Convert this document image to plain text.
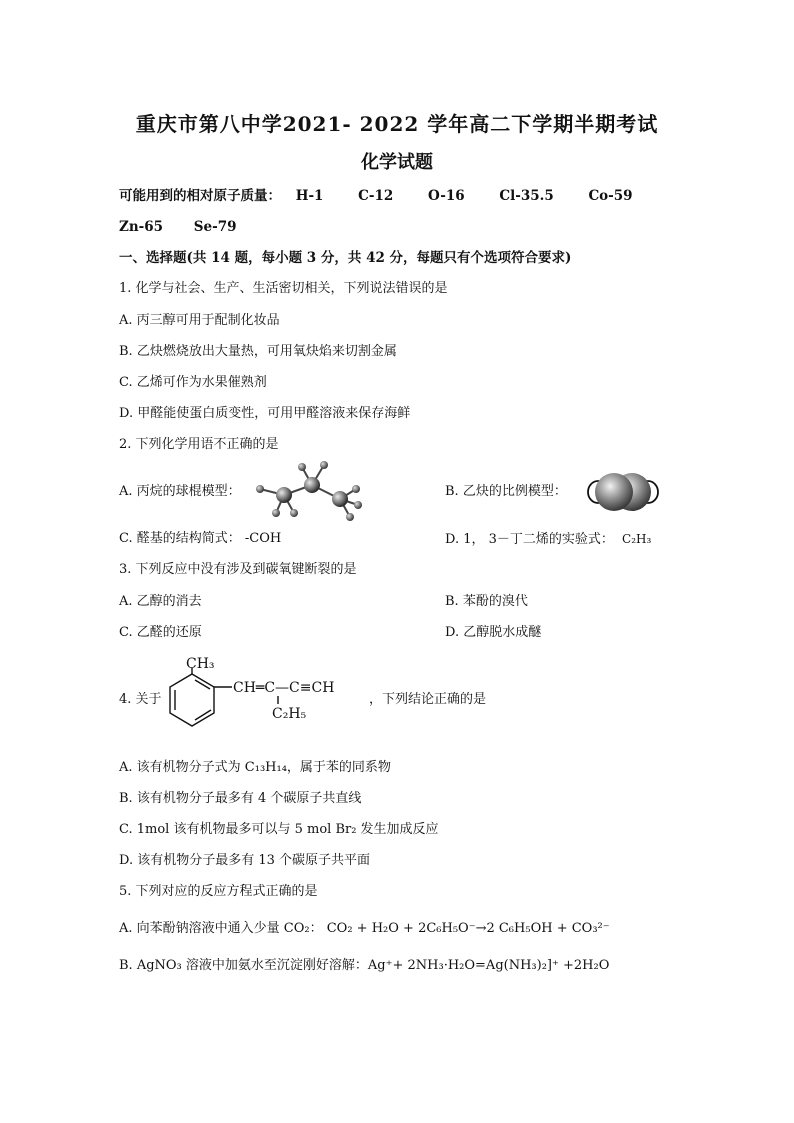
重庆市第八中学2021- 2022 学年高二下学期半期考试
化学试题
可能用到的相对原子质量： H-1	C-12	O-16	Cl-35.5	Co-59
Zn-65 Se-79
一、选择题(共 14 题，每小题 3 分，共 42 分，每题只有个选项符合要求)
1. 化学与社会、生产、生活密切相关，下列说法错误的是
A. 丙三醇可用于配制化妆品
B. 乙炔燃烧放出大量热，可用氧炔焰来切割金属
C. 乙烯可作为水果催熟剂
D. 甲醛能使蛋白质变性，可用甲醛溶液来保存海鲜
2. 下列化学用语不正确的是
A. 丙烷的球棍模型：	B. 乙炔的比例模型：
C. 醛基的结构简式： -COH	D. 1， 3－丁二烯的实验式： C₂H₃
3. 下列反应中没有涉及到碳氧键断裂的是
A. 乙醇的消去	B. 苯酚的溴代
C. 乙醛的还原	D. 乙醇脱水成醚
4. 关于
CH₃
CH═C—C≡CH
C₂H₅
，下列结论正确的是
A. 该有机物分子式为 C₁₃H₁₄，属于苯的同系物
B. 该有机物分子最多有 4 个碳原子共直线
C. 1mol 该有机物最多可以与 5 mol Br₂ 发生加成反应
D. 该有机物分子最多有 13 个碳原子共平面
5. 下列对应的反应方程式正确的是
A. 向苯酚钠溶液中通入少量 CO₂： CO₂ + H₂O + 2C₆H₅O⁻→2 C₆H₅OH + CO₃²⁻
B. AgNO₃ 溶液中加氨水至沉淀刚好溶解：Ag⁺+ 2NH₃·H₂O=Ag(NH₃)₂]⁺ +2H₂O
